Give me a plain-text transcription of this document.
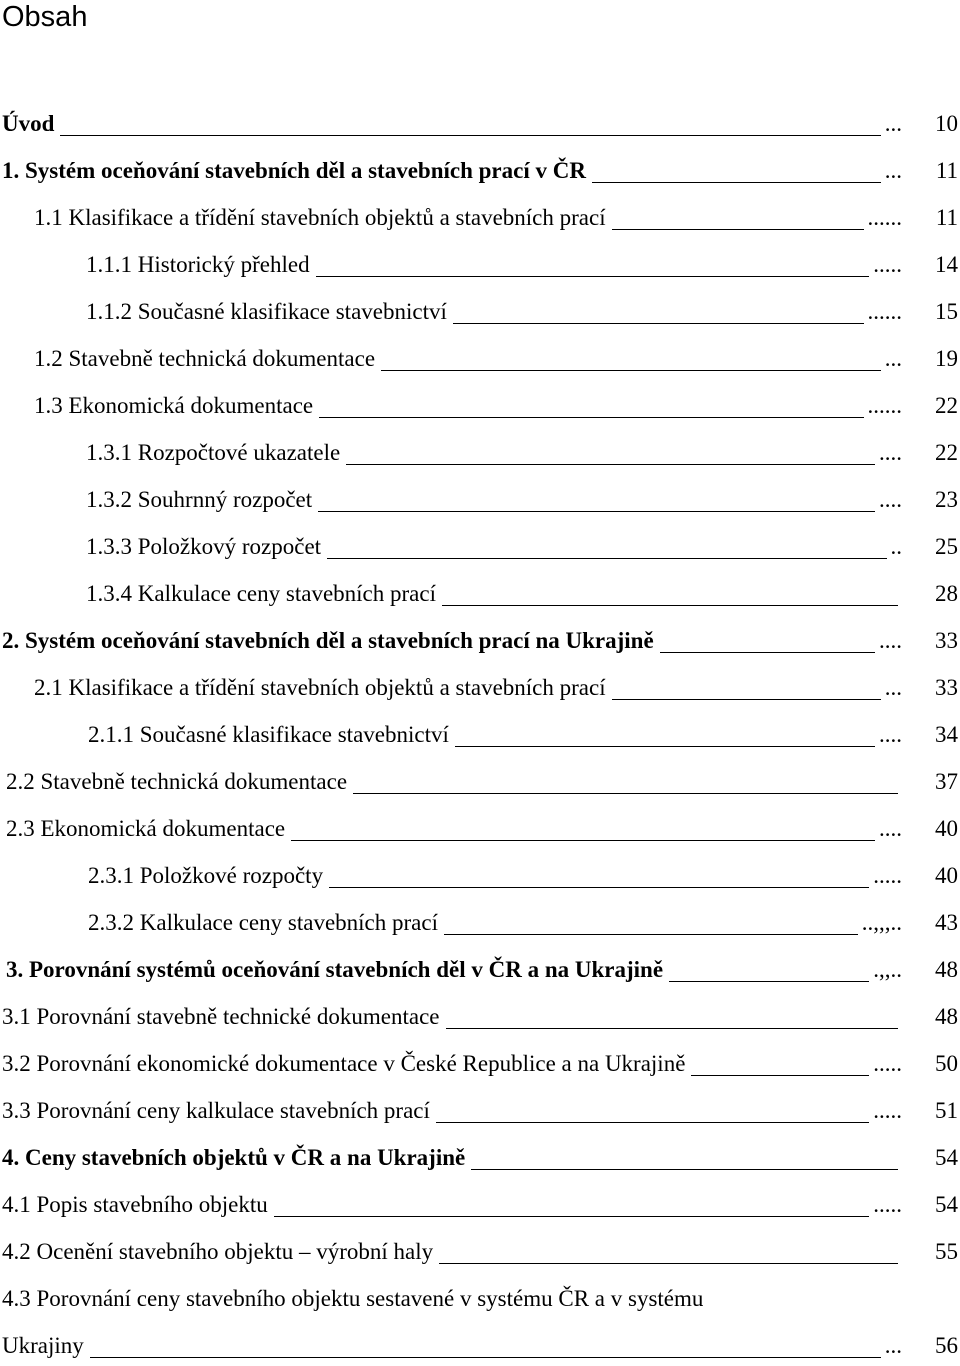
Obsah
Úvod	...	10
1. Systém oceňování stavebních děl a stavebních prací v ČR	...	11
1.1 Klasifikace a třídění stavebních objektů a stavebních prací	......	11
1.1.1 Historický přehled	.....	14
1.1.2 Současné klasifikace stavebnictví	......	15
1.2 Stavebně technická dokumentace	...	19
1.3 Ekonomická dokumentace	......	22
1.3.1 Rozpočtové ukazatele	....	22
1.3.2 Souhrnný rozpočet	....	23
1.3.3 Položkový rozpočet	..	25
1.3.4 Kalkulace ceny stavebních prací	28
2. Systém oceňování stavebních děl a stavebních prací na Ukrajině	....	33
2.1 Klasifikace a třídění stavebních objektů a stavebních prací	...	33
2.1.1 Současné klasifikace stavebnictví	....	34
2.2 Stavebně technická dokumentace	37
2.3 Ekonomická dokumentace	....	40
2.3.1 Položkové rozpočty	.....	40
2.3.2 Kalkulace ceny stavebních prací	..,,,..	43
3. Porovnání systémů oceňování stavebních děl v ČR a na Ukrajině	.,,..	48
3.1 Porovnání stavebně technické dokumentace	48
3.2 Porovnání ekonomické dokumentace v České Republice a na Ukrajině	.....	50
3.3 Porovnání ceny kalkulace stavebních prací	.....	51
4. Ceny stavebních objektů v ČR a na Ukrajině	54
4.1 Popis stavebního objektu	.....	54
4.2 Ocenění stavebního objektu – výrobní haly	55
4.3 Porovnání ceny stavebního objektu sestavené v systému ČR a v systému
Ukrajiny	...	56
